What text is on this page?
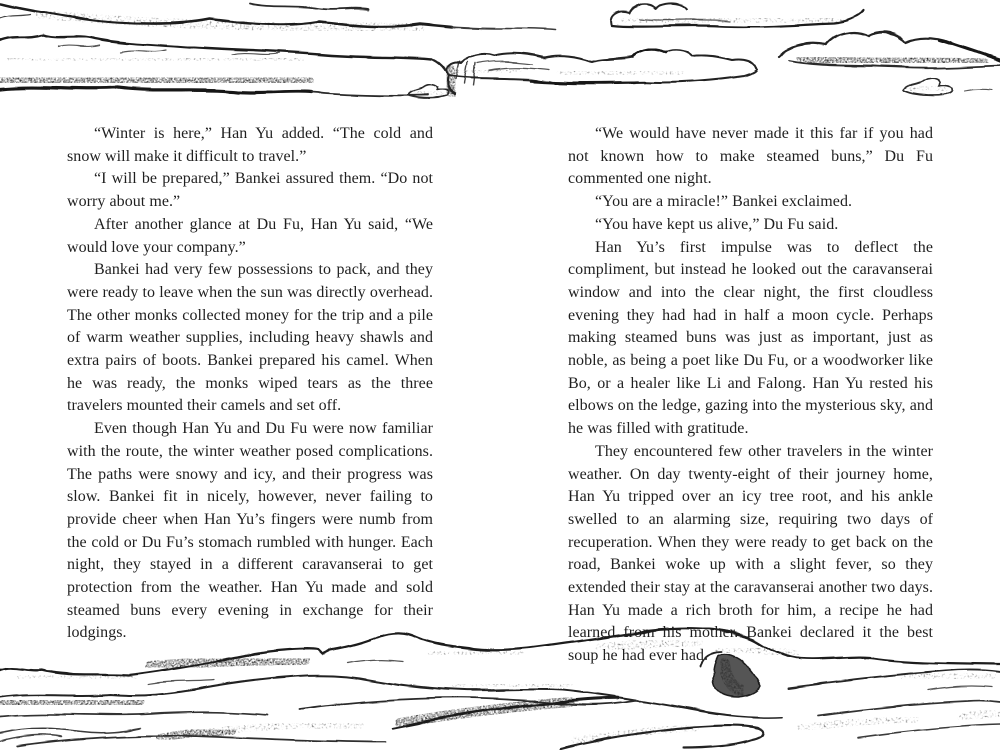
“Winter is here,” Han Yu added. “The cold and snow will make it difficult to travel.”

“I will be prepared,” Bankei assured them. “Do not worry about me.”

After another glance at Du Fu, Han Yu said, “We would love your company.”

Bankei had very few possessions to pack, and they were ready to leave when the sun was directly overhead. The other monks collected money for the trip and a pile of warm weather supplies, including heavy shawls and extra pairs of boots. Bankei prepared his camel. When he was ready, the monks wiped tears as the three travelers mounted their camels and set off.

Even though Han Yu and Du Fu were now familiar with the route, the winter weather posed complications. The paths were snowy and icy, and their progress was slow. Bankei fit in nicely, however, never failing to provide cheer when Han Yu’s fingers were numb from the cold or Du Fu’s stomach rumbled with hunger. Each night, they stayed in a different caravanserai to get protection from the weather. Han Yu made and sold steamed buns every evening in exchange for their lodgings.

“We would have never made it this far if you had not known how to make steamed buns,” Du Fu commented one night.

“You are a miracle!” Bankei exclaimed.

“You have kept us alive,” Du Fu said.

Han Yu’s first impulse was to deflect the compliment, but instead he looked out the caravanserai window and into the clear night, the first cloudless evening they had had in half a moon cycle. Perhaps making steamed buns was just as important, just as noble, as being a poet like Du Fu, or a woodworker like Bo, or a healer like Li and Falong. Han Yu rested his elbows on the ledge, gazing into the mysterious sky, and he was filled with gratitude.

They encountered few other travelers in the winter weather. On day twenty-eight of their journey home, Han Yu tripped over an icy tree root, and his ankle swelled to an alarming size, requiring two days of recuperation. When they were ready to get back on the road, Bankei woke up with a slight fever, so they extended their stay at the caravanserai another two days. Han Yu made a rich broth for him, a recipe he had learned from his mother. Bankei declared it the best soup he had ever had.
